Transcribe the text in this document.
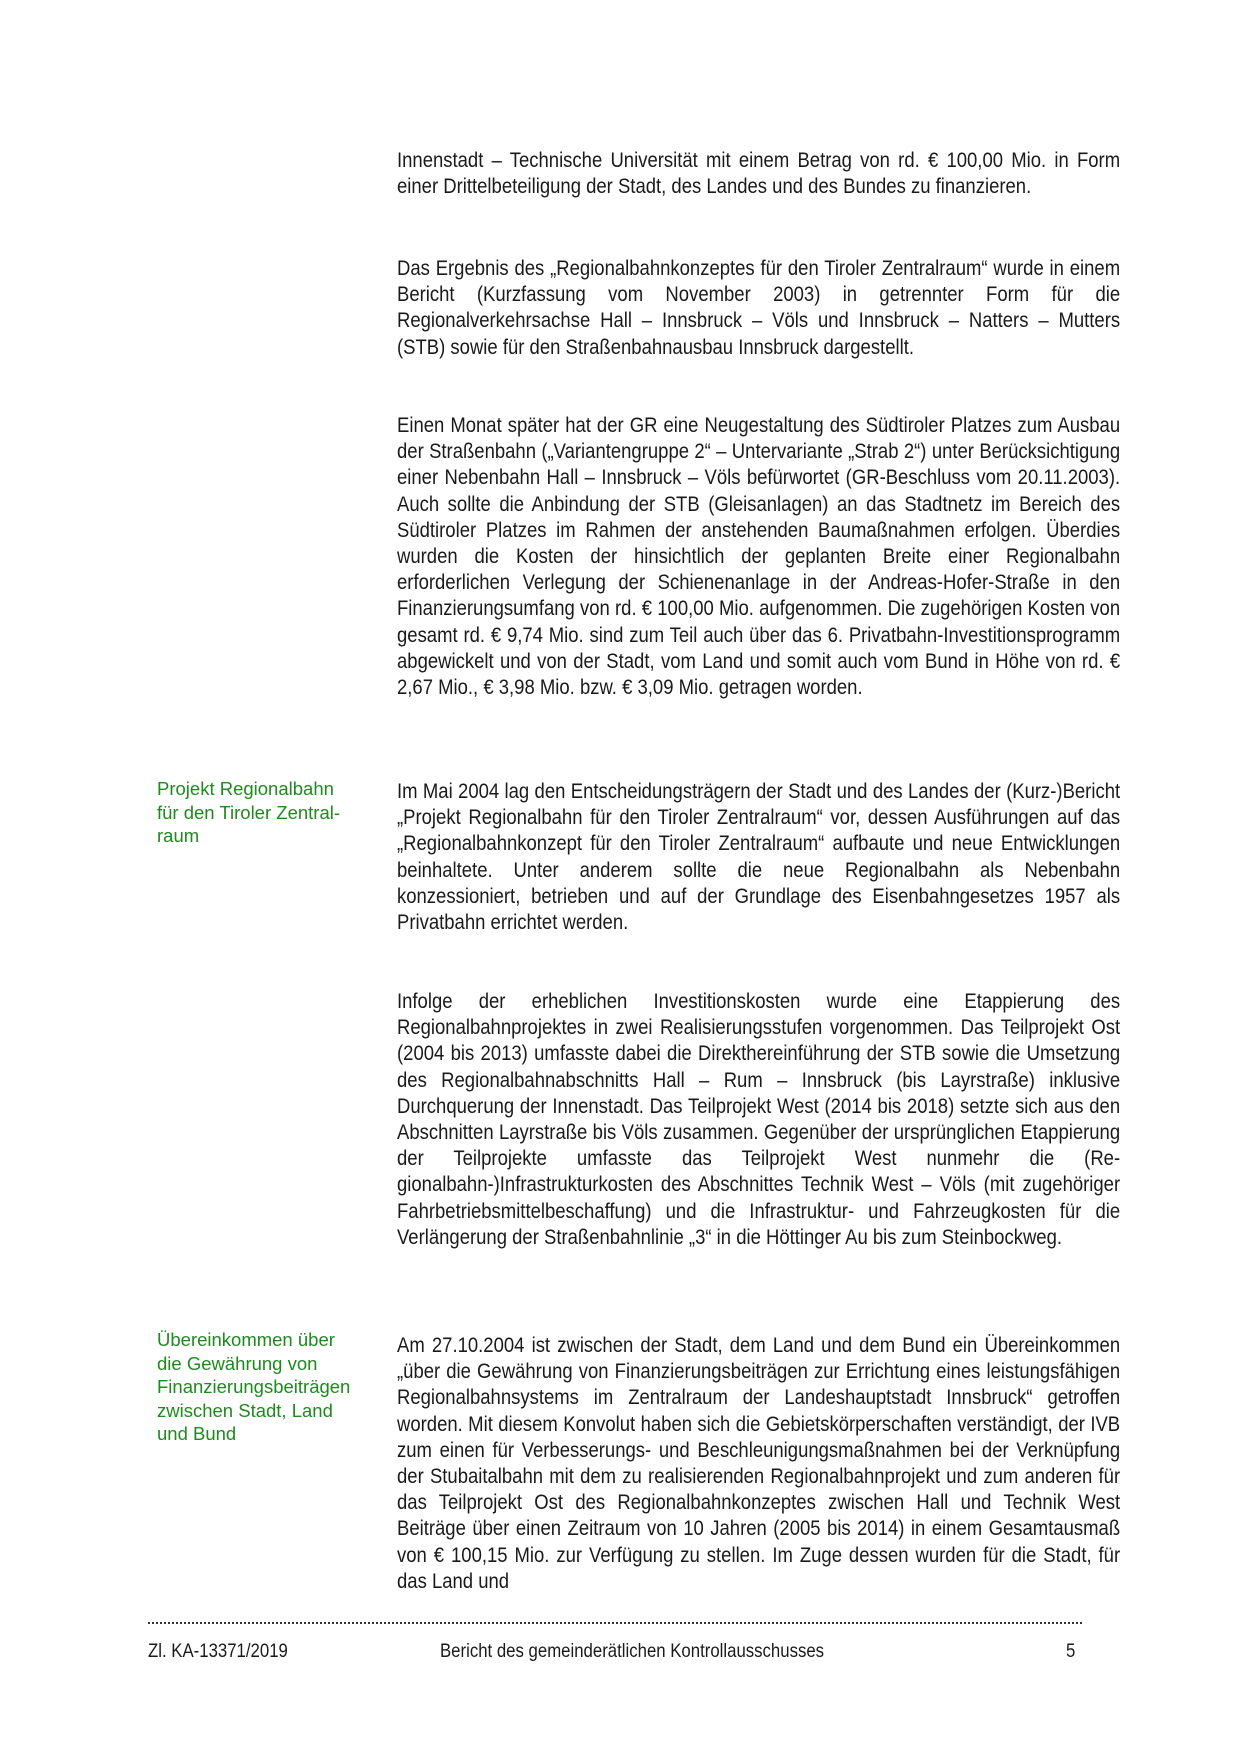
Innenstadt – Technische Universität mit einem Betrag von rd. € 100,00 Mio. in Form einer Drittelbeteiligung der Stadt, des Landes und des Bundes zu finanzieren.

Das Ergebnis des „Regionalbahnkonzeptes für den Tiroler Zentralraum“ wurde in einem Bericht (Kurzfassung vom November 2003) in getrennter Form für die Regionalverkehrsachse Hall – Innsbruck – Völs und Innsbruck – Natters – Mutters (STB) sowie für den Straßenbahnausbau Innsbruck dargestellt.

Einen Monat später hat der GR eine Neugestaltung des Südtiroler Platzes zum Ausbau der Straßenbahn („Variantengruppe 2“ – Untervariante „Strab 2“) unter Berücksichtigung einer Nebenbahn Hall – Innsbruck – Völs befürwortet (GR-Beschluss vom 20.11.2003). Auch sollte die Anbindung der STB (Gleisanlagen) an das Stadtnetz im Bereich des Südtiroler Platzes im Rahmen der anstehenden Baumaßnahmen erfolgen. Überdies wurden die Kosten der hinsichtlich der geplanten Breite einer Regionalbahn erforderlichen Verlegung der Schienenanlage in der Andreas-Hofer-Straße in den Finanzierungsumfang von rd. € 100,00 Mio. aufgenommen. Die zugehörigen Kosten von gesamt rd. € 9,74 Mio. sind zum Teil auch über das 6. Privatbahn-Investitionsprogramm abgewickelt und von der Stadt, vom Land und somit auch vom Bund in Höhe von rd. € 2,67 Mio., € 3,98 Mio. bzw. € 3,09 Mio. getragen worden.

Projekt Regionalbahn
für den Tiroler Zentral-
raum

Im Mai 2004 lag den Entscheidungsträgern der Stadt und des Landes der (Kurz-)Bericht „Projekt Regionalbahn für den Tiroler Zentralraum“ vor, dessen Ausführungen auf das „Regionalbahnkonzept für den Tiroler Zentralraum“ aufbaute und neue Entwicklungen beinhaltete. Unter anderem sollte die neue Regionalbahn als Nebenbahn konzessioniert, betrieben und auf der Grundlage des Eisenbahngesetzes 1957 als Privatbahn errichtet werden.

Infolge der erheblichen Investitionskosten wurde eine Etappierung des Regionalbahnprojektes in zwei Realisierungsstufen vorgenommen. Das Teilprojekt Ost (2004 bis 2013) umfasste dabei die Direkthereinführung der STB sowie die Umsetzung des Regionalbahnabschnitts Hall – Rum – Innsbruck (bis Layrstraße) inklusive Durchquerung der Innenstadt. Das Teilprojekt West (2014 bis 2018) setzte sich aus den Abschnitten Layrstraße bis Völs zusammen. Gegenüber der ursprünglichen Etappierung der Teilprojekte umfasste das Teilprojekt West nunmehr die (Regionalbahn-)Infrastrukturkosten des Abschnittes Technik West – Völs (mit zugehöriger Fahrbetriebsmittelbeschaffung) und die Infrastruktur- und Fahrzeugkosten für die Verlängerung der Straßenbahnlinie „3“ in die Höttinger Au bis zum Steinbockweg.

Übereinkommen über
die Gewährung von
Finanzierungsbeiträgen
zwischen Stadt, Land
und Bund

Am 27.10.2004 ist zwischen der Stadt, dem Land und dem Bund ein Übereinkommen „über die Gewährung von Finanzierungsbeiträgen zur Errichtung eines leistungsfähigen Regionalbahnsystems im Zentralraum der Landeshauptstadt Innsbruck“ getroffen worden. Mit diesem Konvolut haben sich die Gebietskörperschaften verständigt, der IVB zum einen für Verbesserungs- und Beschleunigungsmaßnahmen bei der Verknüpfung der Stubaitalbahn mit dem zu realisierenden Regionalbahnprojekt und zum anderen für das Teilprojekt Ost des Regionalbahnkonzeptes zwischen Hall und Technik West Beiträge über einen Zeitraum von 10 Jahren (2005 bis 2014) in einem Gesamtausmaß von € 100,15 Mio. zur Verfügung zu stellen. Im Zuge dessen wurden für die Stadt, für das Land und

Zl. KA-13371/2019	Bericht des gemeinderätlichen Kontrollausschusses	5
